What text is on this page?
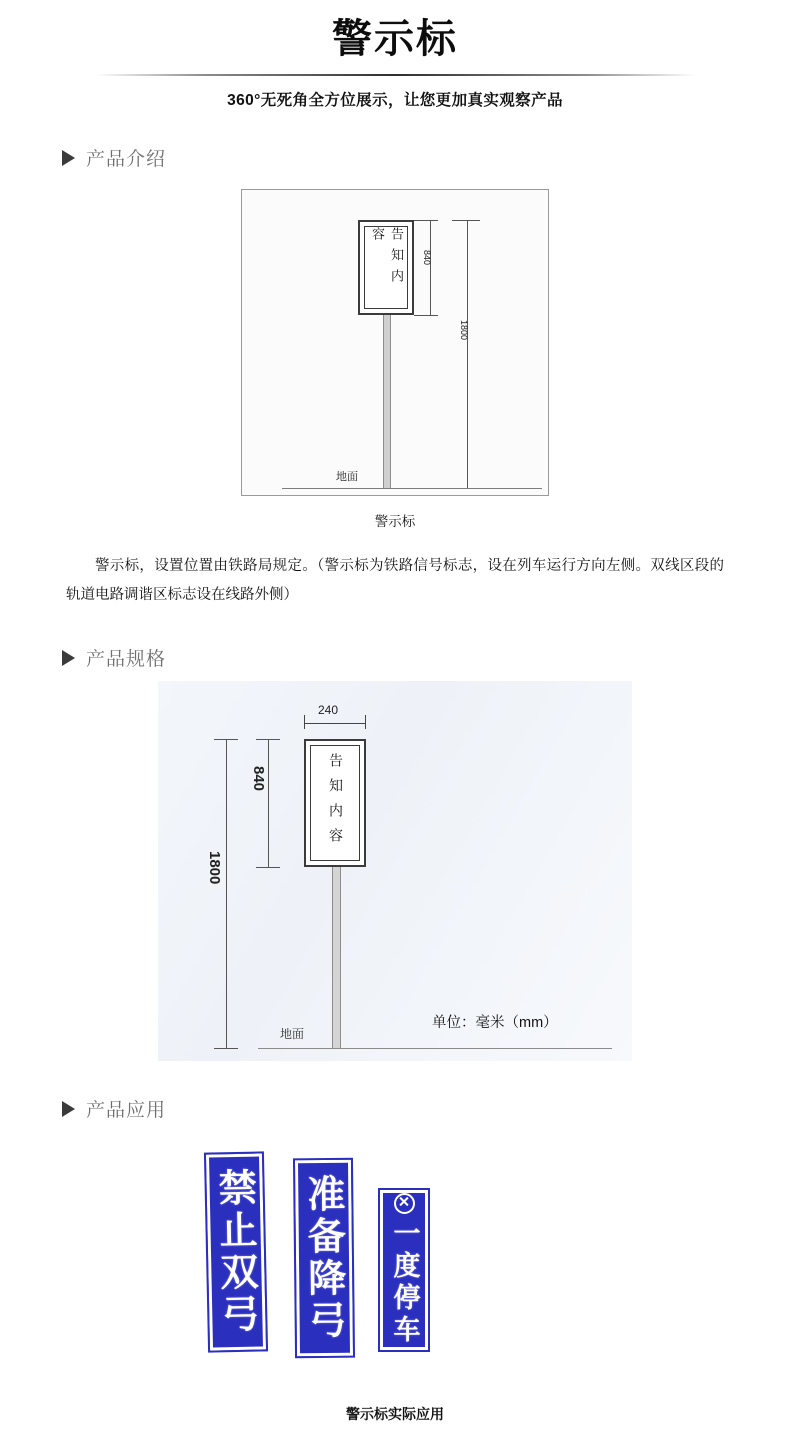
警示标
360°无死角全方位展示，让您更加真实观察产品
产品介绍
告知内容
840
1800
地面
警示标
警示标，设置位置由铁路局规定。（警示标为铁路信号标志，设在列车运行方向左侧。双线区段的轨道电路调谐区标志设在线路外侧）
产品规格
240
告知内容
840
1800
地面
单位：毫米（mm）
产品应用
禁止双弓 准备降弓 一度停车
警示标实际应用
